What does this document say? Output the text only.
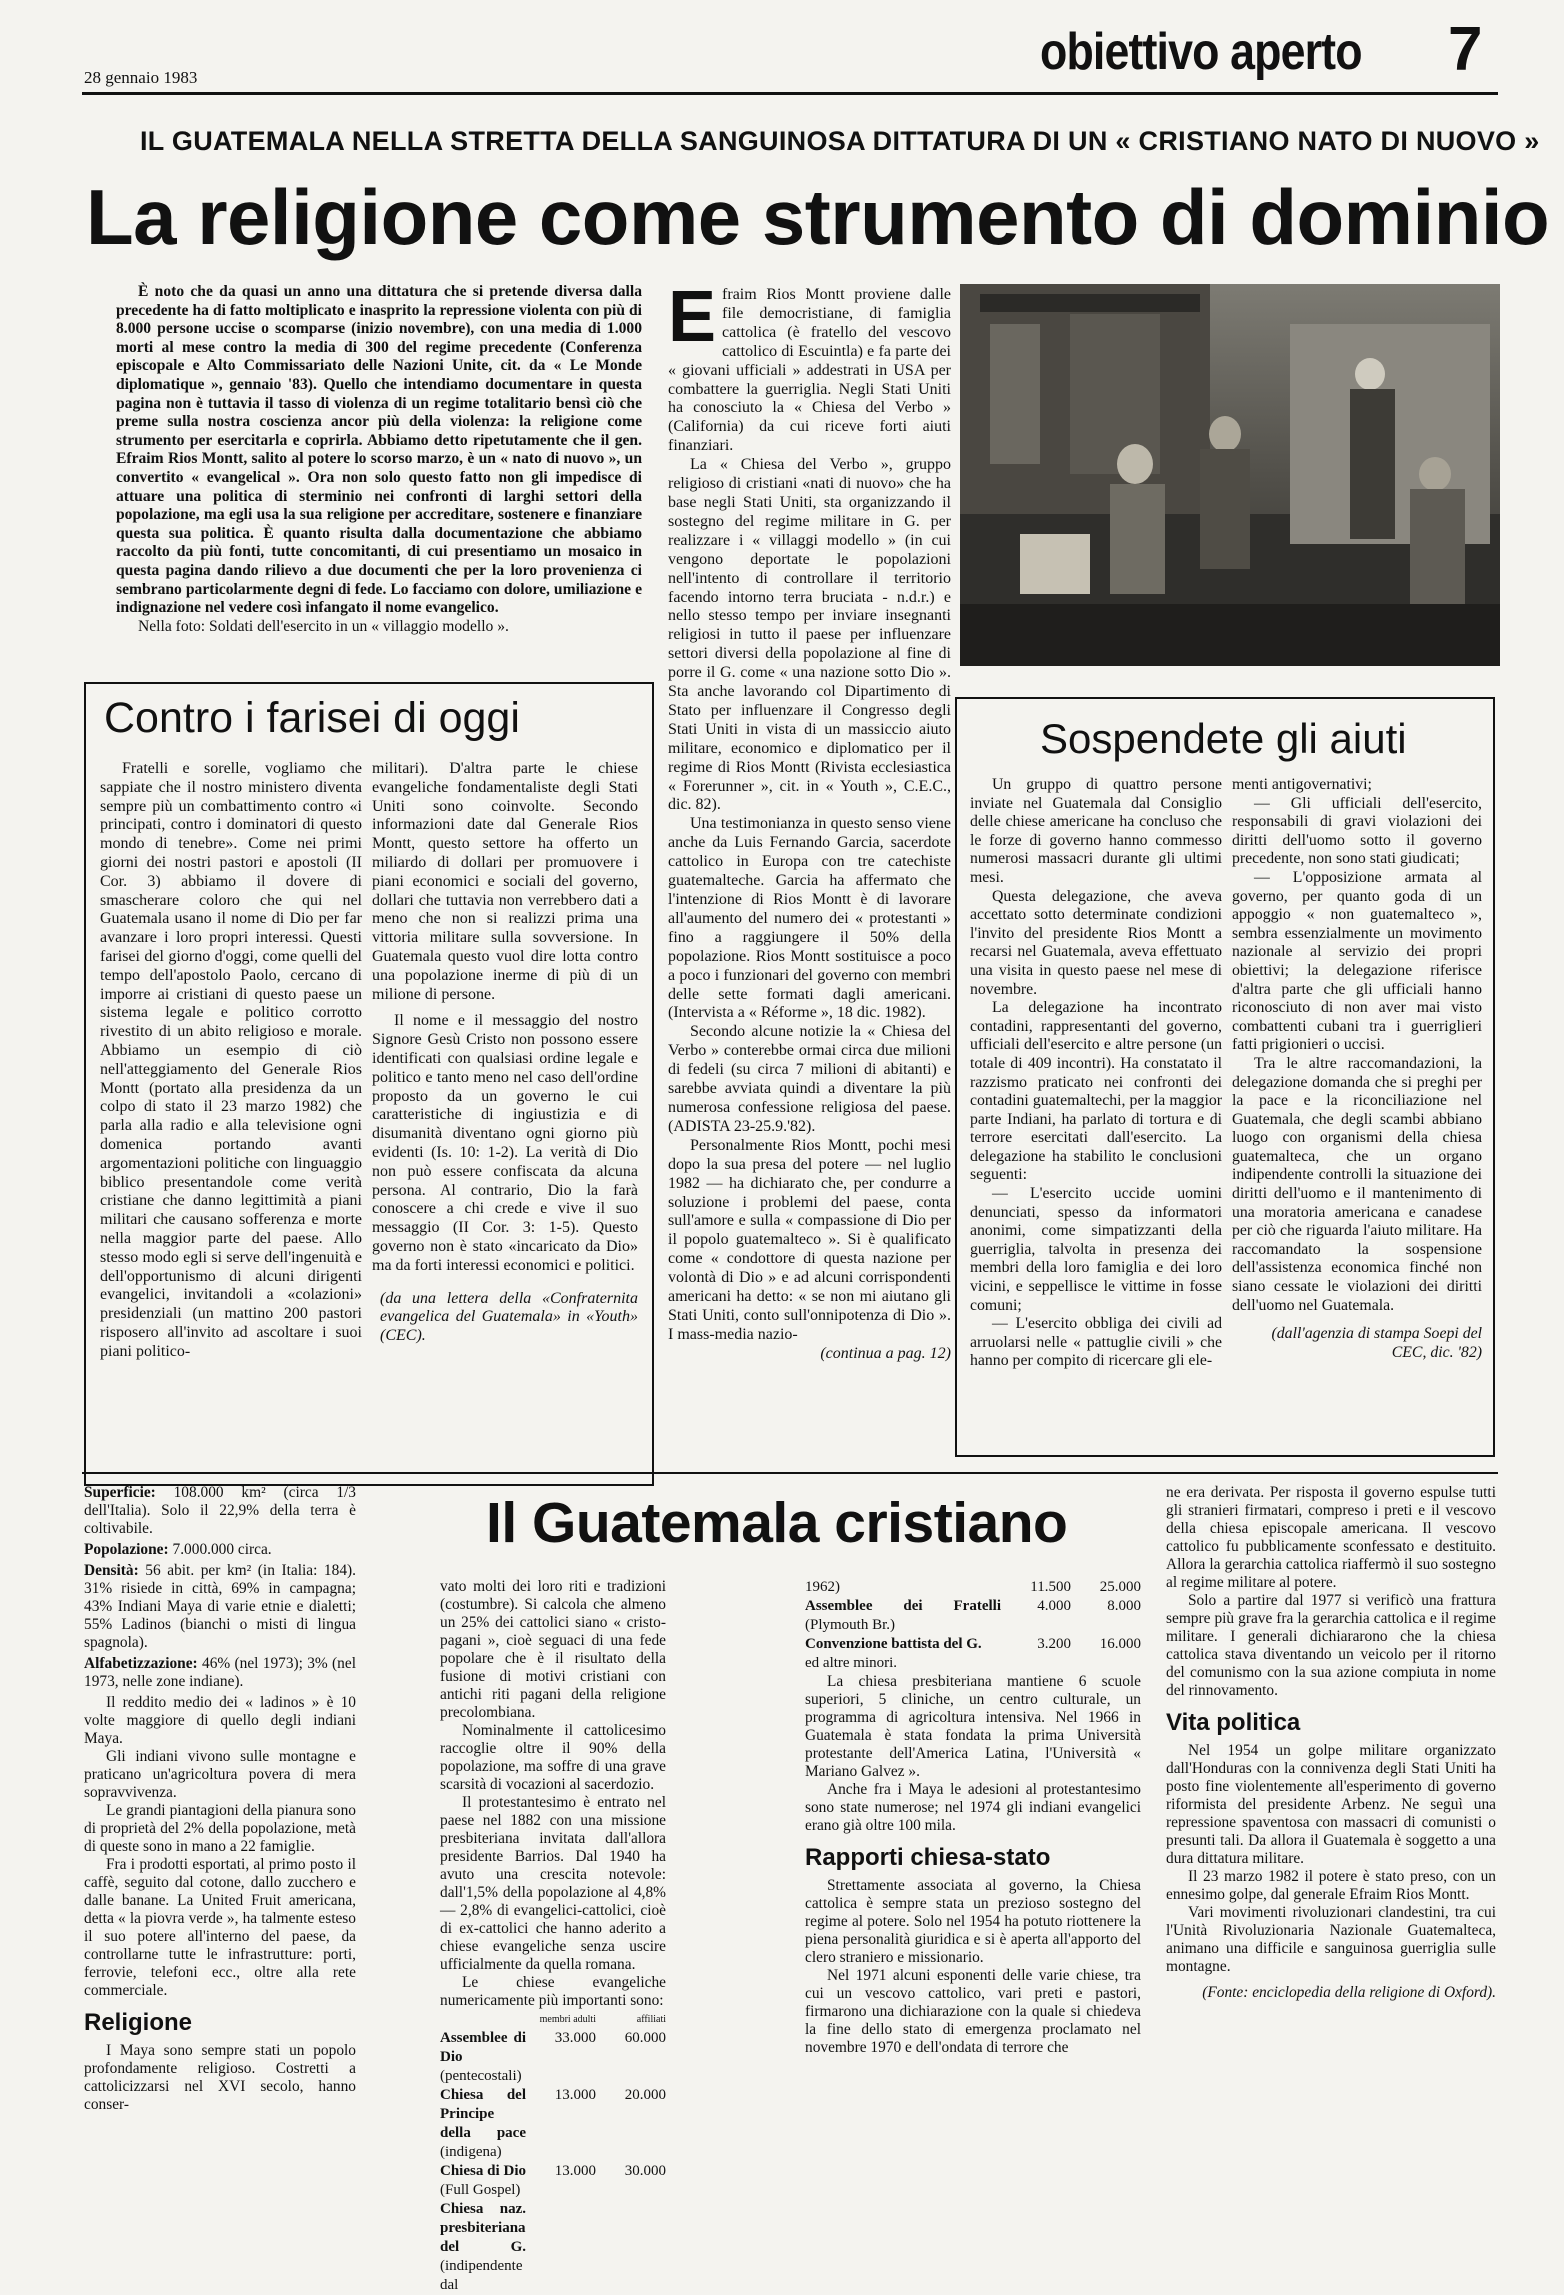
28 gennaio 1983	obiettivo aperto	7
IL GUATEMALA NELLA STRETTA DELLA SANGUINOSA DITTATURA DI UN « CRISTIANO NATO DI NUOVO »
La religione come strumento di dominio

È noto che da quasi un anno una dittatura che si pretende diversa dalla precedente ha di fatto moltiplicato e inasprito la repressione violenta con più di 8.000 persone uccise o scomparse (inizio novembre), con una media di 1.000 morti al mese contro la media di 300 del regime precedente (Conferenza episcopale e Alto Commissariato delle Nazioni Unite, cit. da « Le Monde diplomatique », gennaio '83). Quello che intendiamo documentare in questa pagina non è tuttavia il tasso di violenza di un regime totalitario bensì ciò che preme sulla nostra coscienza ancor più della violenza: la religione come strumento per esercitarla e coprirla. Abbiamo detto ripetutamente che il gen. Efraim Rios Montt, salito al potere lo scorso marzo, è un « nato di nuovo », un convertito « evangelical ». Ora non solo questo fatto non gli impedisce di attuare una politica di sterminio nei confronti di larghi settori della popolazione, ma egli usa la sua religione per accreditare, sostenere e finanziare questa sua politica. È quanto risulta dalla documentazione che abbiamo raccolto da più fonti, tutte concomitanti, di cui presentiamo un mosaico in questa pagina dando rilievo a due documenti che per la loro provenienza ci sembrano particolarmente degni di fede. Lo facciamo con dolore, umiliazione e indignazione nel vedere così infangato il nome evangelico.

Nella foto: Soldati dell'esercito in un « villaggio modello ».

Efraim Rios Montt proviene dalle file democristiane, di famiglia cattolica (è fratello del vescovo cattolico di Escuintla) e fa parte dei « giovani ufficiali » addestrati in USA per combattere la guerriglia. Negli Stati Uniti ha conosciuto la « Chiesa del Verbo » (California) da cui riceve forti aiuti finanziari.

La « Chiesa del Verbo », gruppo religioso di cristiani «nati di nuovo» che ha base negli Stati Uniti, sta organizzando il sostegno del regime militare in G. per realizzare i « villaggi modello » (in cui vengono deportate le popolazioni nell'intento di controllare il territorio facendo intorno terra bruciata - n.d.r.) e nello stesso tempo per inviare insegnanti religiosi in tutto il paese per influenzare settori diversi della popolazione al fine di porre il G. come « una nazione sotto Dio ». Sta anche lavorando col Dipartimento di Stato per influenzare il Congresso degli Stati Uniti in vista di un massiccio aiuto militare, economico e diplomatico per il regime di Rios Montt (Rivista ecclesiastica « Forerunner », cit. in « Youth », C.E.C., dic. 82).

Una testimonianza in questo senso viene anche da Luis Fernando Garcia, sacerdote cattolico in Europa con tre catechiste guatemalteche. Garcia ha affermato che l'intenzione di Rios Montt è di lavorare all'aumento del numero dei « protestanti » fino a raggiungere il 50% della popolazione. Rios Montt sostituisce a poco a poco i funzionari del governo con membri delle sette formati dagli americani. (Intervista a « Réforme », 18 dic. 1982).

Secondo alcune notizie la « Chiesa del Verbo » conterebbe ormai circa due milioni di fedeli (su circa 7 milioni di abitanti) e sarebbe avviata quindi a diventare la più numerosa confessione religiosa del paese. (ADISTA 23-25.9.'82).

Personalmente Rios Montt, pochi mesi dopo la sua presa del potere — nel luglio 1982 — ha dichiarato che, per condurre a soluzione i problemi del paese, conta sull'amore e sulla « compassione di Dio per il popolo guatemalteco ». Si è qualificato come « condottore di questa nazione per volontà di Dio » e ad alcuni corrispondenti americani ha detto: « se non mi aiutano gli Stati Uniti, conto sull'onnipotenza di Dio ». I mass-media nazio-

(continua a pag. 12)

Contro i farisei di oggi

Fratelli e sorelle, vogliamo che sappiate che il nostro ministero diventa sempre più un combattimento contro «i principati, contro i dominatori di questo mondo di tenebre». Come nei primi giorni dei nostri pastori e apostoli (II Cor. 3) abbiamo il dovere di smascherare coloro che qui nel Guatemala usano il nome di Dio per far avanzare i loro propri interessi. Questi farisei del giorno d'oggi, come quelli del tempo dell'apostolo Paolo, cercano di imporre ai cristiani di questo paese un sistema legale e politico corrotto rivestito di un abito religioso e morale. Abbiamo un esempio di ciò nell'atteggiamento del Generale Rios Montt (portato alla presidenza da un colpo di stato il 23 marzo 1982) che parla alla radio e alla televisione ogni domenica portando avanti argomentazioni politiche con linguaggio biblico presentandole come verità cristiane che danno legittimità a piani militari che causano sofferenza e morte nella maggior parte del paese. Allo stesso modo egli si serve dell'ingenuità e dell'opportunismo di alcuni dirigenti evangelici, invitandoli a «colazioni» presidenziali (un mattino 200 pastori risposero all'invito ad ascoltare i suoi piani politico-

militari). D'altra parte le chiese evangeliche fondamentaliste degli Stati Uniti sono coinvolte. Secondo informazioni date dal Generale Rios Montt, questo settore ha offerto un miliardo di dollari per promuovere i piani economici e sociali del governo, dollari che tuttavia non verrebbero dati a meno che non si realizzi prima una vittoria militare sulla sovversione. In Guatemala questo vuol dire lotta contro una popolazione inerme di più di un milione di persone.

Il nome e il messaggio del nostro Signore Gesù Cristo non possono essere identificati con qualsiasi ordine legale e politico e tanto meno nel caso dell'ordine proposto da un governo le cui caratteristiche di ingiustizia e di disumanità diventano ogni giorno più evidenti (Is. 10: 1-2). La verità di Dio non può essere confiscata da alcuna persona. Al contrario, Dio la farà conoscere a chi crede e vive il suo messaggio (II Cor. 3: 1-5). Questo governo non è stato «incaricato da Dio» ma da forti interessi economici e politici.

(da una lettera della «Confraternita evangelica del Guatemala» in «Youth» (CEC).

Sospendete gli aiuti

Un gruppo di quattro persone inviate nel Guatemala dal Consiglio delle chiese americane ha concluso che le forze di governo hanno commesso numerosi massacri durante gli ultimi mesi.

Questa delegazione, che aveva accettato sotto determinate condizioni l'invito del presidente Rios Montt a recarsi nel Guatemala, aveva effettuato una visita in questo paese nel mese di novembre.

La delegazione ha incontrato contadini, rappresentanti del governo, ufficiali dell'esercito e altre persone (un totale di 409 incontri). Ha constatato il razzismo praticato nei confronti dei contadini guatemaltechi, per la maggior parte Indiani, ha parlato di tortura e di terrore esercitati dall'esercito. La delegazione ha stabilito le conclusioni seguenti:

— L'esercito uccide uomini denunciati, spesso da informatori anonimi, come simpatizzanti della guerriglia, talvolta in presenza dei membri della loro famiglia e dei loro vicini, e seppellisce le vittime in fosse comuni;

— L'esercito obbliga dei civili ad arruolarsi nelle « pattuglie civili » che hanno per compito di ricercare gli ele-

menti antigovernativi;

— Gli ufficiali dell'esercito, responsabili di gravi violazioni dei diritti dell'uomo sotto il governo precedente, non sono stati giudicati;

— L'opposizione armata al governo, per quanto goda di un appoggio « non guatemalteco », sembra essenzialmente un movimento nazionale al servizio dei propri obiettivi; la delegazione riferisce d'altra parte che gli ufficiali hanno riconosciuto di non aver mai visto combattenti cubani tra i guerriglieri fatti prigionieri o uccisi.

Tra le altre raccomandazioni, la delegazione domanda che si preghi per la pace e la riconciliazione nel Guatemala, che degli scambi abbiano luogo con organismi della chiesa guatemalteca, che un organo indipendente controlli la situazione dei diritti dell'uomo e il mantenimento di una moratoria americana e canadese per ciò che riguarda l'aiuto militare. Ha raccomandato la sospensione dell'assistenza economica finché non siano cessate le violazioni dei diritti dell'uomo nel Guatemala.

(dall'agenzia di stampa Soepi del CEC, dic. '82)

Superficie: 108.000 km² (circa 1/3 dell'Italia). Solo il 22,9% della terra è coltivabile.
Popolazione: 7.000.000 circa.
Densità: 56 abit. per km² (in Italia: 184). 31% risiede in città, 69% in campagna; 43% Indiani Maya di varie etnie e dialetti; 55% Ladinos (bianchi o misti di lingua spagnola).
Alfabetizzazione: 46% (nel 1973); 3% (nel 1973, nelle zone indiane).

Il reddito medio dei « ladinos » è 10 volte maggiore di quello degli indiani Maya.

Gli indiani vivono sulle montagne e praticano un'agricoltura povera di mera sopravvivenza.

Le grandi piantagioni della pianura sono di proprietà del 2% della popolazione, metà di queste sono in mano a 22 famiglie.

Fra i prodotti esportati, al primo posto il caffè, seguito dal cotone, dallo zucchero e dalle banane. La United Fruit americana, detta « la piovra verde », ha talmente esteso il suo potere all'interno del paese, da controllarne tutte le infrastrutture: porti, ferrovie, telefoni ecc., oltre alla rete commerciale.

Religione

I Maya sono sempre stati un popolo profondamente religioso. Costretti a cattolicizzarsi nel XVI secolo, hanno conser-

Il Guatemala cristiano

vato molti dei loro riti e tradizioni (costumbre). Si calcola che almeno un 25% dei cattolici siano « cristo-pagani », cioè seguaci di una fede popolare che è il risultato della fusione di motivi cristiani con antichi riti pagani della religione precolombiana.

Nominalmente il cattolicesimo raccoglie oltre il 90% della popolazione, ma soffre di una grave scarsità di vocazioni al sacerdozio.

Il protestantesimo è entrato nel paese nel 1882 con una missione presbiteriana invitata dall'allora presidente Barrios. Dal 1940 ha avuto una crescita notevole: dall'1,5% della popolazione al 4,8% — 2,8% di evangelici-cattolici, cioè di ex-cattolici che hanno aderito a chiese evangeliche senza uscire ufficialmente da quella romana.

Le chiese evangeliche numericamente più importanti sono:

	membri adulti	affiliati
Assemblee di Dio (pentecostali)	33.000	60.000
Chiesa del Principe della pace (indigena)	13.000	20.000
Chiesa di Dio (Full Gospel)	13.000	30.000
Chiesa naz. presbiteriana del G. (indipendente dal		
1962)	11.500	25.000
Assemblee dei Fratelli (Plymouth Br.)	4.000	8.000
Convenzione battista del G.	3.200	16.000
ed altre minori.		

La chiesa presbiteriana mantiene 6 scuole superiori, 5 cliniche, un centro culturale, un programma di agricoltura intensiva. Nel 1966 in Guatemala è stata fondata la prima Università protestante dell'America Latina, l'Università « Mariano Galvez ».

Anche fra i Maya le adesioni al protestantesimo sono state numerose; nel 1974 gli indiani evangelici erano già oltre 100 mila.

Rapporti chiesa-stato

Strettamente associata al governo, la Chiesa cattolica è sempre stata un prezioso sostegno del regime al potere. Solo nel 1954 ha potuto riottenere la piena personalità giuridica e si è aperta all'apporto del clero straniero e missionario.

Nel 1971 alcuni esponenti delle varie chiese, tra cui un vescovo cattolico, vari preti e pastori, firmarono una dichiarazione con la quale si chiedeva la fine dello stato di emergenza proclamato nel novembre 1970 e dell'ondata di terrore che

ne era derivata. Per risposta il governo espulse tutti gli stranieri firmatari, compreso i preti e il vescovo della chiesa episcopale americana. Il vescovo cattolico fu pubblicamente sconfessato e destituito. Allora la gerarchia cattolica riaffermò il suo sostegno al regime militare al potere.

Solo a partire dal 1977 si verificò una frattura sempre più grave fra la gerarchia cattolica e il regime militare. I generali dichiararono che la chiesa cattolica stava diventando un veicolo per il ritorno del comunismo con la sua azione compiuta in nome del rinnovamento.

Vita politica

Nel 1954 un golpe militare organizzato dall'Honduras con la connivenza degli Stati Uniti ha posto fine violentemente all'esperimento di governo riformista del presidente Arbenz. Ne seguì una repressione spaventosa con massacri di comunisti o presunti tali. Da allora il Guatemala è soggetto a una dura dittatura militare.

Il 23 marzo 1982 il potere è stato preso, con un ennesimo golpe, dal generale Efraim Rios Montt.

Vari movimenti rivoluzionari clandestini, tra cui l'Unità Rivoluzionaria Nazionale Guatemalteca, animano una difficile e sanguinosa guerriglia sulle montagne.

(Fonte: enciclopedia della religione di Oxford).
